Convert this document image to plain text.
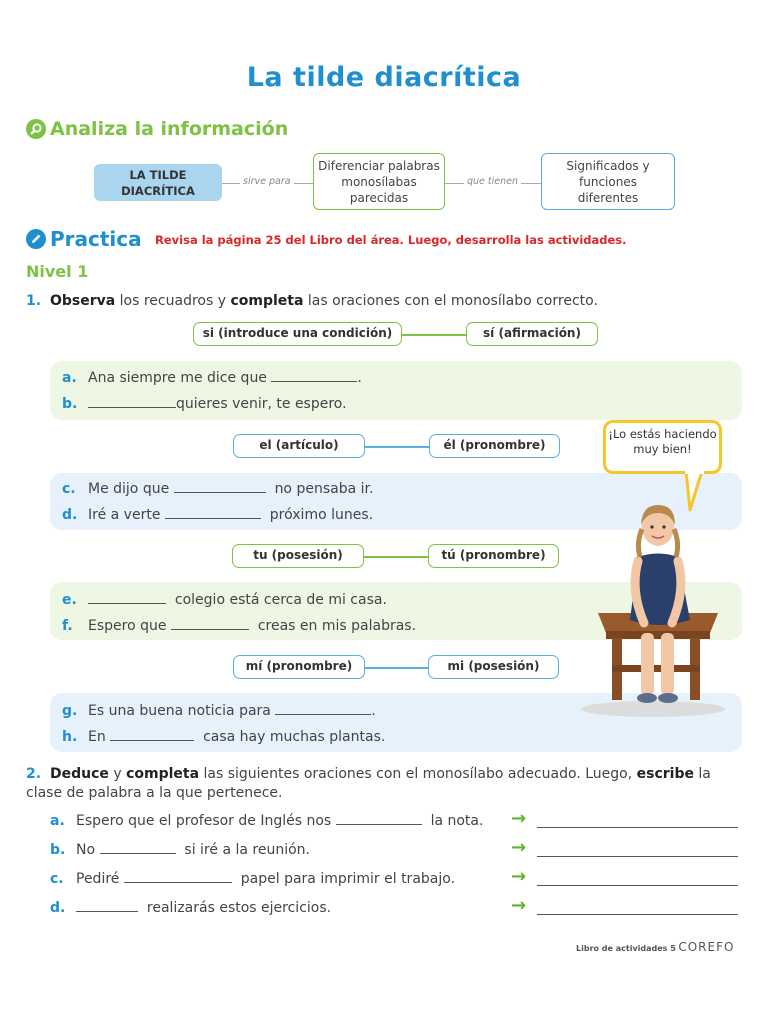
La tilde diacrítica
Analiza la información
LA TILDE DIACRÍTICA
sirve para
Diferenciar palabras monosílabas parecidas
que tienen
Significados y funciones diferentes
Practica Revisa la página 25 del Libro del área. Luego, desarrolla las actividades.
Nivel 1
1. Observa los recuadros y completa las oraciones con el monosílabo correcto.
si (introduce una condición)	sí (afirmación)
a. Ana siempre me dice que	.
b.	quieres venir, te espero.
el (artículo)	él (pronombre)
c. Me dijo que	no pensaba ir.
d. Iré a verte	próximo lunes.
tu (posesión)	tú (pronombre)
e.	colegio está cerca de mi casa.
f. Espero que	creas en mis palabras.
mí (pronombre)	mi (posesión)
g. Es una buena noticia para	.
h. En	casa hay muchas plantas.
¡Lo estás haciendo muy bien!
2. Deduce y completa las siguientes oraciones con el monosílabo adecuado. Luego, escribe la clase de palabra a la que pertenece.
a. Espero que el profesor de Inglés nos	la nota.
b. No	si iré a la reunión.
c. Pediré	papel para imprimir el trabajo.
d.	realizarás estos ejercicios.
→
→
→
→
Libro de actividades 5 COREFO
